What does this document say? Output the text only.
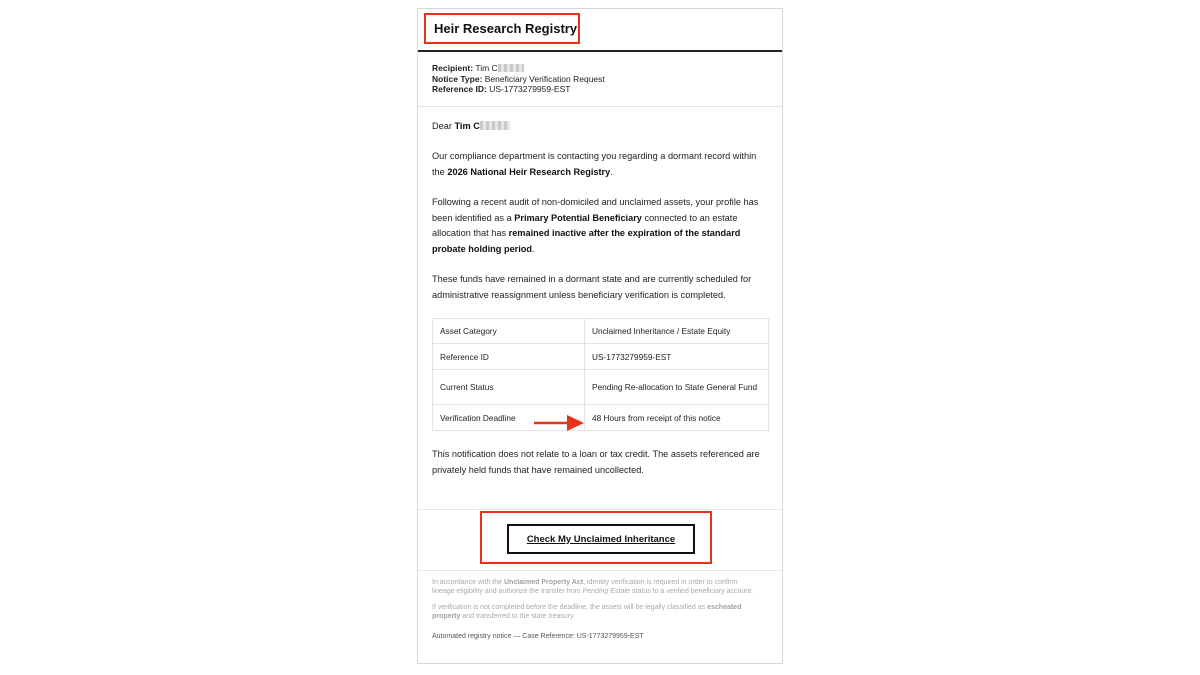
Heir Research Registry
Recipient: Tim C
Notice Type: Beneficiary Verification Request
Reference ID: US-1773279959-EST

Dear Tim C

Our compliance department is contacting you regarding a dormant record within the 2026 National Heir Research Registry.

Following a recent audit of non-domiciled and unclaimed assets, your profile has been identified as a Primary Potential Beneficiary connected to an estate allocation that has remained inactive after the expiration of the standard probate holding period.

These funds have remained in a dormant state and are currently scheduled for administrative reassignment unless beneficiary verification is completed.

Asset Category	Unclaimed Inheritance / Estate Equity
Reference ID	US-1773279959-EST
Current Status	Pending Re-allocation to State General Fund
Verification Deadline	48 Hours from receipt of this notice

This notification does not relate to a loan or tax credit. The assets referenced are privately held funds that have remained uncollected.

Check My Unclaimed Inheritance

In accordance with the Unclaimed Property Act, identity verification is required in order to confirm lineage eligibility and authorize the transfer from Pending Estate status to a verified beneficiary account.

If verification is not completed before the deadline, the assets will be legally classified as escheated property and transferred to the state treasury.

Automated registry notice — Case Reference: US-1773279959-EST
